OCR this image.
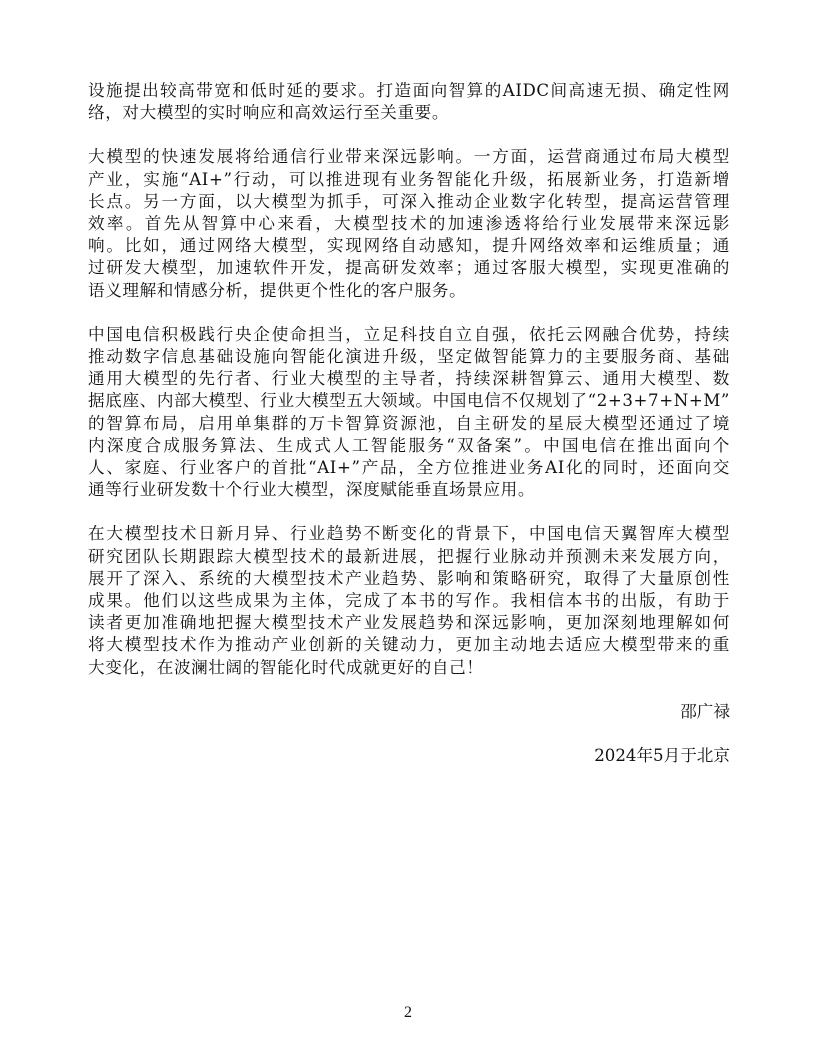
设施提出较高带宽和低时延的要求。打造面向智算的AIDC间高速无损、确定性网
络，对大模型的实时响应和高效运行至关重要。

大模型的快速发展将给通信行业带来深远影响。一方面，运营商通过布局大模型
产业，实施“AI+”行动，可以推进现有业务智能化升级，拓展新业务，打造新增
长点。另一方面，以大模型为抓手，可深入推动企业数字化转型，提高运营管理
效率。首先从智算中心来看，大模型技术的加速渗透将给行业发展带来深远影
响。比如，通过网络大模型，实现网络自动感知，提升网络效率和运维质量；通
过研发大模型，加速软件开发，提高研发效率；通过客服大模型，实现更准确的
语义理解和情感分析，提供更个性化的客户服务。

中国电信积极践行央企使命担当，立足科技自立自强，依托云网融合优势，持续
推动数字信息基础设施向智能化演进升级，坚定做智能算力的主要服务商、基础
通用大模型的先行者、行业大模型的主导者，持续深耕智算云、通用大模型、数
据底座、内部大模型、行业大模型五大领域。中国电信不仅规划了“2+3+7+N+M”
的智算布局，启用单集群的万卡智算资源池，自主研发的星辰大模型还通过了境
内深度合成服务算法、生成式人工智能服务“双备案”。中国电信在推出面向个
人、家庭、行业客户的首批“AI+”产品，全方位推进业务AI化的同时，还面向交
通等行业研发数十个行业大模型，深度赋能垂直场景应用。

在大模型技术日新月异、行业趋势不断变化的背景下，中国电信天翼智库大模型
研究团队长期跟踪大模型技术的最新进展，把握行业脉动并预测未来发展方向，
展开了深入、系统的大模型技术产业趋势、影响和策略研究，取得了大量原创性
成果。他们以这些成果为主体，完成了本书的写作。我相信本书的出版，有助于
读者更加准确地把握大模型技术产业发展趋势和深远影响，更加深刻地理解如何
将大模型技术作为推动产业创新的关键动力，更加主动地去适应大模型带来的重
大变化，在波澜壮阔的智能化时代成就更好的自己！

邵广禄

2024年5月于北京

2
